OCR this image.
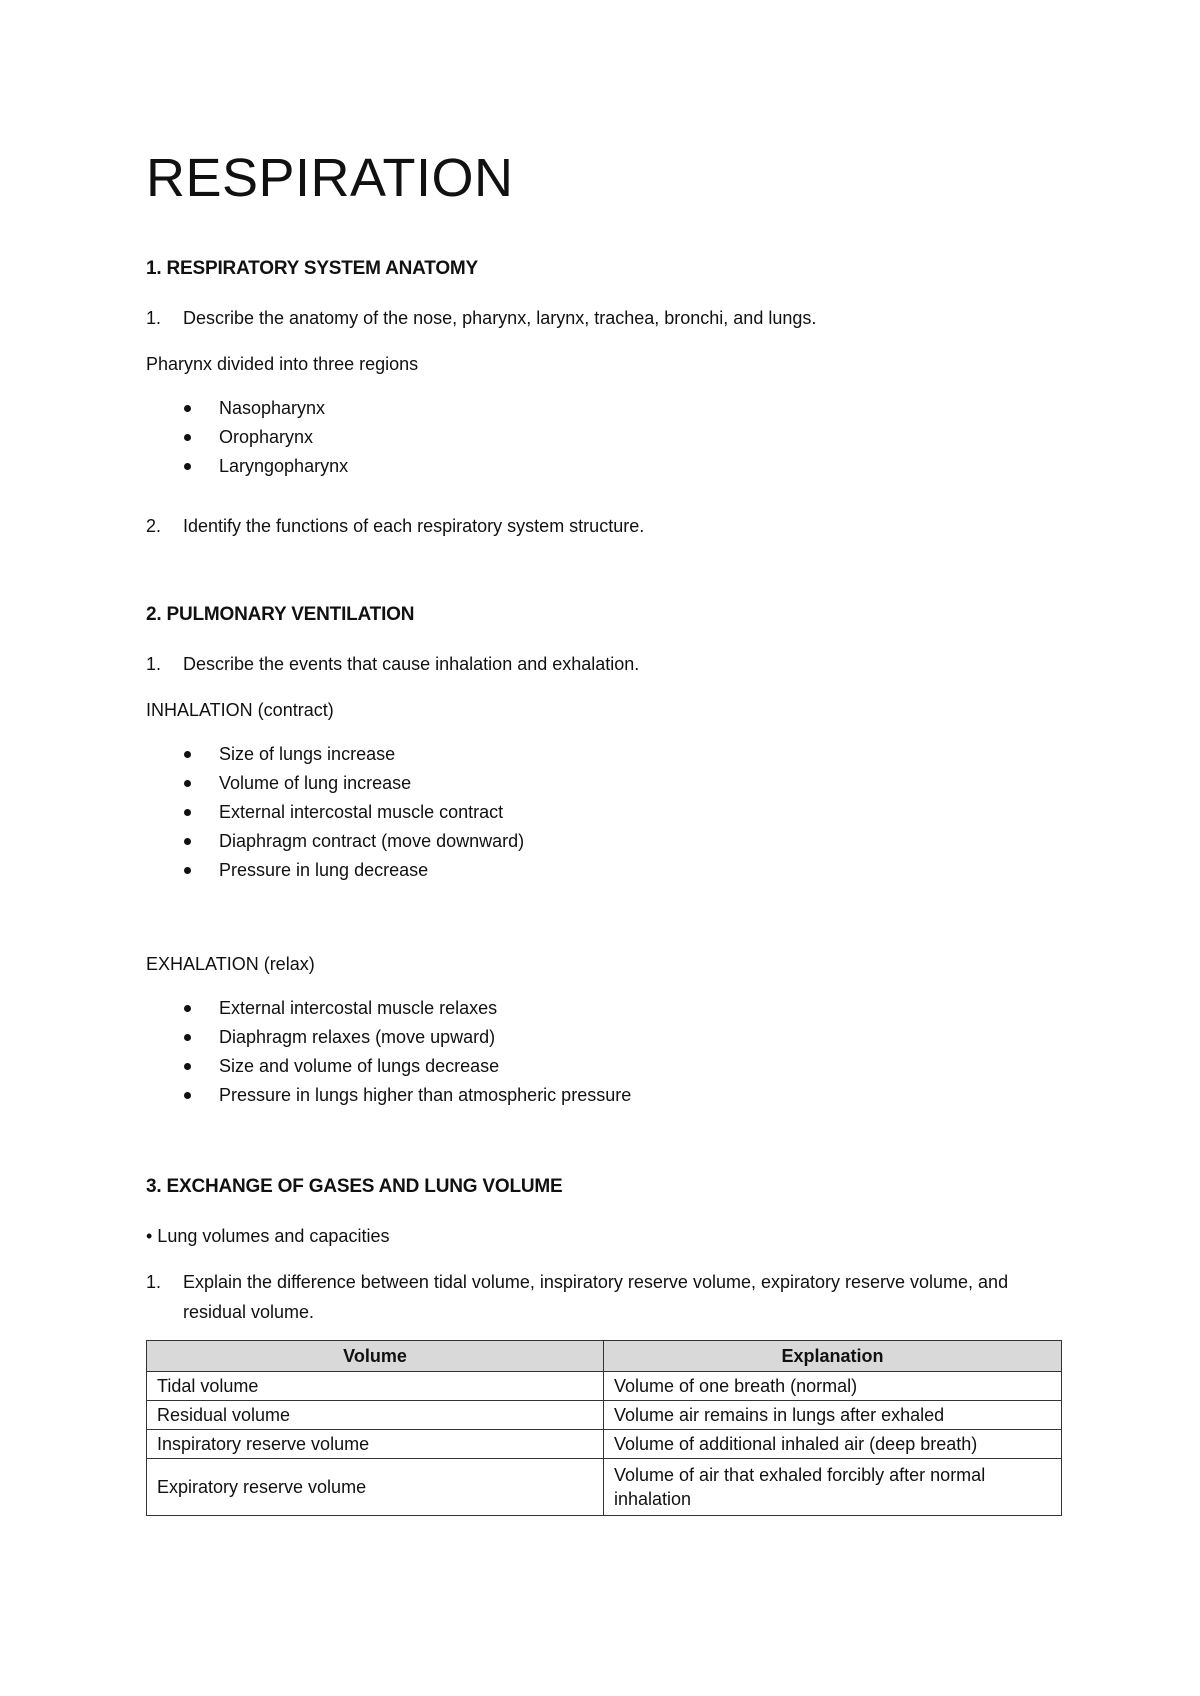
RESPIRATION
1. RESPIRATORY SYSTEM ANATOMY
1. Describe the anatomy of the nose, pharynx, larynx, trachea, bronchi, and lungs.

Pharynx divided into three regions

Nasopharynx
Oropharynx
Laryngopharynx
2. Identify the functions of each respiratory system structure.
2. PULMONARY VENTILATION
1. Describe the events that cause inhalation and exhalation.

INHALATION (contract)

Size of lungs increase
Volume of lung increase
External intercostal muscle contract
Diaphragm contract (move downward)
Pressure in lung decrease

EXHALATION (relax)

External intercostal muscle relaxes
Diaphragm relaxes (move upward)
Size and volume of lungs decrease
Pressure in lungs higher than atmospheric pressure
3. EXCHANGE OF GASES AND LUNG VOLUME

• Lung volumes and capacities

1. Explain the difference between tidal volume, inspiratory reserve volume, expiratory reserve volume, and residual volume.
Volume	Explanation
Tidal volume	Volume of one breath (normal)
Residual volume	Volume air remains in lungs after exhaled
Inspiratory reserve volume	Volume of additional inhaled air (deep breath)
Expiratory reserve volume	Volume of air that exhaled forcibly after normal inhalation
